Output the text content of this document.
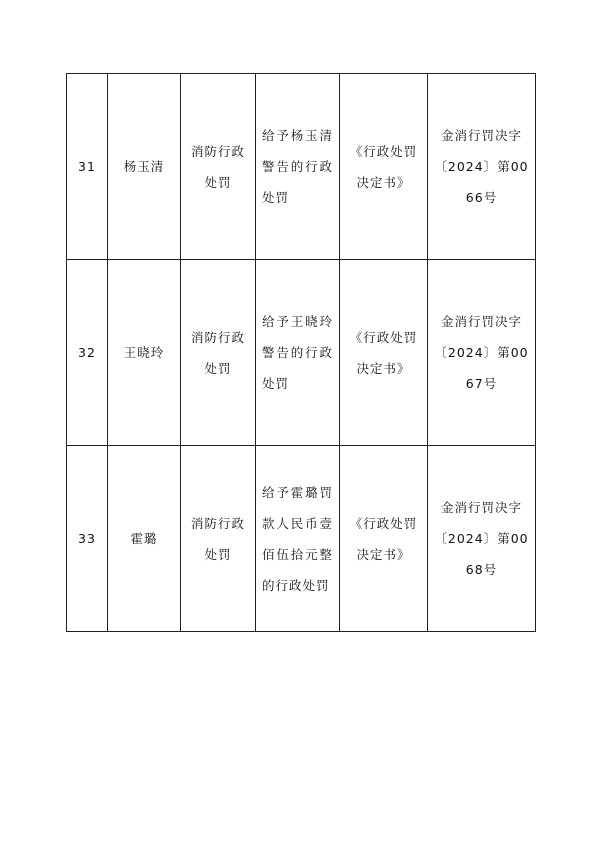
31	杨玉清	消防行政处罚	给予杨玉清警告的行政处罚	《行政处罚决定书》	金消行罚决字〔2024〕第0066号

32	王晓玲	消防行政处罚	给予王晓玲警告的行政处罚	《行政处罚决定书》	金消行罚决字〔2024〕第0067号

33	霍璐	消防行政处罚	给予霍璐罚款人民币壹佰伍拾元整的行政处罚	《行政处罚决定书》	金消行罚决字〔2024〕第0068号
